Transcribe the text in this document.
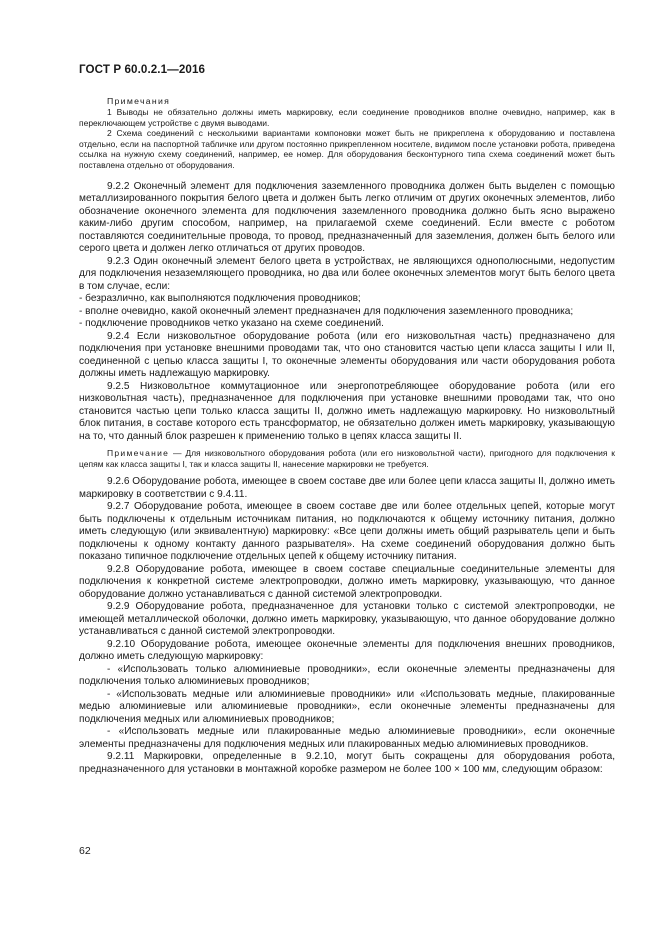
ГОСТ Р 60.0.2.1—2016
Примечания

1 Выводы не обязательно должны иметь маркировку, если соединение проводников вполне очевидно, например, как в переключающем устройстве с двумя выводами.

2 Схема соединений с несколькими вариантами компоновки может быть не прикреплена к оборудованию и поставлена отдельно, если на паспортной табличке или другом постоянно прикрепленном носителе, видимом после установки робота, приведена ссылка на нужную схему соединений, например, ее номер. Для оборудования бесконтурного типа схема соединений может быть поставлена отдельно от оборудования.

9.2.2 Оконечный элемент для подключения заземленного проводника должен быть выделен с помощью металлизированного покрытия белого цвета и должен быть легко отличим от других оконечных элементов, либо обозначение оконечного элемента для подключения заземленного проводника должно быть ясно выражено каким-либо другим способом, например, на прилагаемой схеме соединений. Если вместе с роботом поставляются соединительные провода, то провод, предназначенный для заземления, должен быть белого или серого цвета и должен легко отличаться от других проводов.

9.2.3 Один оконечный элемент белого цвета в устройствах, не являющихся однополюсными, недопустим для подключения незаземляющего проводника, но два или более оконечных элементов могут быть белого цвета в том случае, если:

- безразлично, как выполняются подключения проводников;

- вполне очевидно, какой оконечный элемент предназначен для подключения заземленного проводника;

- подключение проводников четко указано на схеме соединений.

9.2.4 Если низковольтное оборудование робота (или его низковольтная часть) предназначено для подключения при установке внешними проводами так, что оно становится частью цепи класса защиты I или II, соединенной с цепью класса защиты I, то оконечные элементы оборудования или части оборудования робота должны иметь надлежащую маркировку.

9.2.5 Низковольтное коммутационное или энергопотребляющее оборудование робота (или его низковольтная часть), предназначенное для подключения при установке внешними проводами так, что оно становится частью цепи только класса защиты II, должно иметь надлежащую маркировку. Но низковольтный блок питания, в составе которого есть трансформатор, не обязательно должен иметь маркировку, указывающую на то, что данный блок разрешен к применению только в цепях класса защиты II.

Примечание — Для низковольтного оборудования робота (или его низковольтной части), пригодного для подключения к цепям как класса защиты I, так и класса защиты II, нанесение маркировки не требуется.

9.2.6 Оборудование робота, имеющее в своем составе две или более цепи класса защиты II, должно иметь маркировку в соответствии с 9.4.11.

9.2.7 Оборудование робота, имеющее в своем составе две или более отдельных цепей, которые могут быть подключены к отдельным источникам питания, но подключаются к общему источнику питания, должно иметь следующую (или эквивалентную) маркировку: «Все цепи должны иметь общий разрыватель цепи и быть подключены к одному контакту данного разрывателя». На схеме соединений оборудования должно быть показано типичное подключение отдельных цепей к общему источнику питания.

9.2.8 Оборудование робота, имеющее в своем составе специальные соединительные элементы для подключения к конкретной системе электропроводки, должно иметь маркировку, указывающую, что данное оборудование должно устанавливаться с данной системой электропроводки.

9.2.9 Оборудование робота, предназначенное для установки только с системой электропроводки, не имеющей металлической оболочки, должно иметь маркировку, указывающую, что данное оборудование должно устанавливаться с данной системой электропроводки.

9.2.10 Оборудование робота, имеющее оконечные элементы для подключения внешних проводников, должно иметь следующую маркировку:

- «Использовать только алюминиевые проводники», если оконечные элементы предназначены для подключения только алюминиевых проводников;

- «Использовать медные или алюминиевые проводники» или «Использовать медные, плакированные медью алюминиевые или алюминиевые проводники», если оконечные элементы предназначены для подключения медных или алюминиевых проводников;

- «Использовать медные или плакированные медью алюминиевые проводники», если оконечные элементы предназначены для подключения медных или плакированных медью алюминиевых проводников.

9.2.11 Маркировки, определенные в 9.2.10, могут быть сокращены для оборудования робота, предназначенного для установки в монтажной коробке размером не более 100 × 100 мм, следующим образом:

62
